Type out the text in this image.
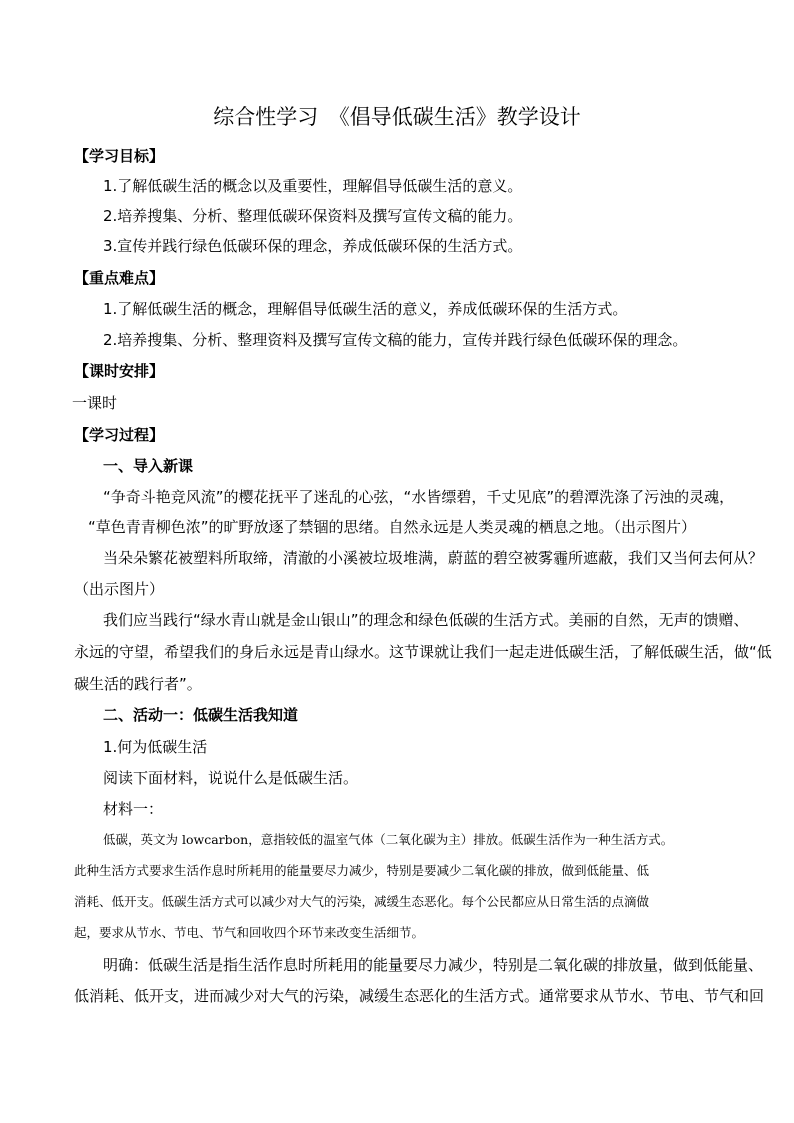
综合性学习　《倡导低碳生活》教学设计
【学习目标】
1.了解低碳生活的概念以及重要性，理解倡导低碳生活的意义。
2.培养搜集、分析、整理低碳环保资料及撰写宣传文稿的能力。
3.宣传并践行绿色低碳环保的理念，养成低碳环保的生活方式。
【重点难点】
1.了解低碳生活的概念，理解倡导低碳生活的意义，养成低碳环保的生活方式。
2.培养搜集、分析、整理资料及撰写宣传文稿的能力，宣传并践行绿色低碳环保的理念。
【课时安排】
一课时
【学习过程】
一、导入新课
“争奇斗艳竞风流”的樱花抚平了迷乱的心弦，“水皆缥碧，千丈见底”的碧潭洗涤了污浊的灵魂，
“草色青青柳色浓”的旷野放逐了禁锢的思绪。自然永远是人类灵魂的栖息之地。（出示图片）
当朵朵繁花被塑料所取缔，清澈的小溪被垃圾堆满，蔚蓝的碧空被雾霾所遮蔽，我们又当何去何从？
（出示图片）
我们应当践行“绿水青山就是金山银山”的理念和绿色低碳的生活方式。美丽的自然，无声的馈赠、
永远的守望，希望我们的身后永远是青山绿水。这节课就让我们一起走进低碳生活，了解低碳生活，做“低
碳生活的践行者”。
二、活动一：低碳生活我知道
1.何为低碳生活
阅读下面材料，说说什么是低碳生活。
材料一：
低碳，英文为 lowcarbon，意指较低的温室气体（二氧化碳为主）排放。低碳生活作为一种生活方式。
此种生活方式要求生活作息时所耗用的能量要尽力减少，特别是要减少二氧化碳的排放，做到低能量、低
消耗、低开支。低碳生活方式可以减少对大气的污染，减缓生态恶化。每个公民都应从日常生活的点滴做
起，要求从节水、节电、节气和回收四个环节来改变生活细节。
明确：低碳生活是指生活作息时所耗用的能量要尽力减少，特别是二氧化碳的排放量，做到低能量、
低消耗、低开支，进而减少对大气的污染，减缓生态恶化的生活方式。通常要求从节水、节电、节气和回
